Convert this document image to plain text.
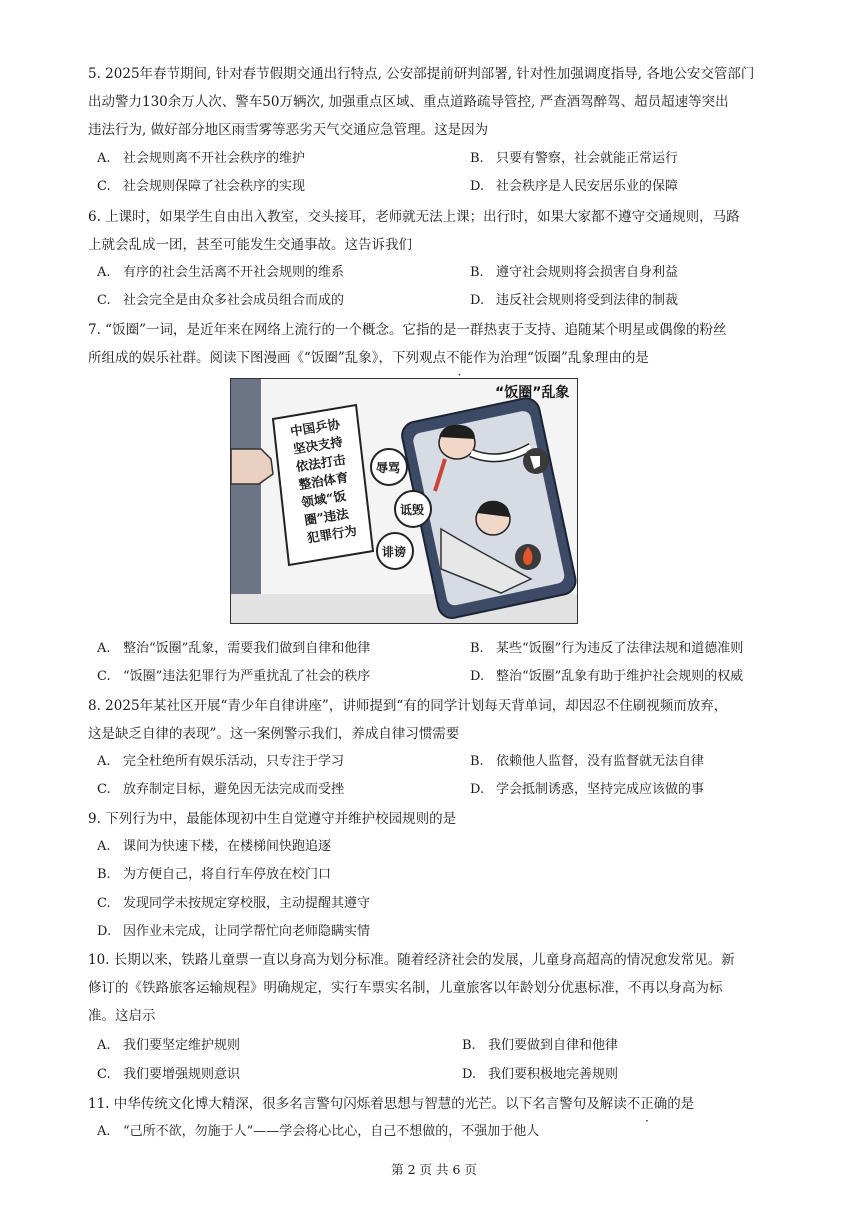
5. 2025年春节期间, 针对春节假期交通出行特点, 公安部提前研判部署, 针对性加强调度指导, 各地公安交管部门
出动警力130余万人次、警车50万辆次, 加强重点区域、重点道路疏导管控, 严查酒驾醉驾、超员超速等突出
违法行为, 做好部分地区雨雪雾等恶劣天气交通应急管理。这是因为

A. 社会规则离不开社会秩序的维护	B. 只要有警察，社会就能正常运行
C. 社会规则保障了社会秩序的实现	D. 社会秩序是人民安居乐业的保障

6. 上课时，如果学生自由出入教室，交头接耳，老师就无法上课；出行时，如果大家都不遵守交通规则，马路
上就会乱成一团，甚至可能发生交通事故。这告诉我们

A. 有序的社会生活离不开社会规则的维系	B. 遵守社会规则将会损害自身利益
C. 社会完全是由众多社会成员组合而成的	D. 违反社会规则将受到法律的制裁

7. “饭圈”一词，是近年来在网络上流行的一个概念。它指的是一群热衷于支持、追随某个明星或偶像的粉丝
所组成的娱乐社群。阅读下图漫画《“饭圈”乱象》，下列观点不能作为治理“饭圈”乱象理由的是

“饭圈”乱象
中国乒协
坚决支持
依法打击
整治体育
领域“饭
圈”违法
犯罪行为
辱骂
诋毁
诽谤
A. 整治“饭圈”乱象，需要我们做到自律和他律	B. 某些“饭圈”行为违反了法律法规和道德准则
C. “饭圈”违法犯罪行为严重扰乱了社会的秩序	D. 整治“饭圈”乱象有助于维护社会规则的权威

8. 2025年某社区开展“青少年自律讲座”，讲师提到“有的同学计划每天背单词，却因忍不住刷视频而放弃，
这是缺乏自律的表现”。这一案例警示我们，养成自律习惯需要

A. 完全杜绝所有娱乐活动，只专注于学习	B. 依赖他人监督，没有监督就无法自律
C. 放弃制定目标，避免因无法完成而受挫	D. 学会抵制诱惑，坚持完成应该做的事

9. 下列行为中，最能体现初中生自觉遵守并维护校园规则的是

A. 课间为快速下楼，在楼梯间快跑追逐
B. 为方便自己，将自行车停放在校门口
C. 发现同学未按规定穿校服，主动提醒其遵守
D. 因作业未完成，让同学帮忙向老师隐瞒实情

10. 长期以来，铁路儿童票一直以身高为划分标准。随着经济社会的发展，儿童身高超高的情况愈发常见。新
修订的《铁路旅客运输规程》明确规定，实行车票实名制，儿童旅客以年龄划分优惠标准，不再以身高为标
准。这启示

A. 我们要坚定维护规则	B. 我们要做到自律和他律
C. 我们要增强规则意识	D. 我们要积极地完善规则

11. 中华传统文化博大精深，很多名言警句闪烁着思想与智慧的光芒。以下名言警句及解读不正确的是

A. “己所不欲，勿施于人”——学会将心比心，自己不想做的，不强加于他人
第 2 页 共 6 页
